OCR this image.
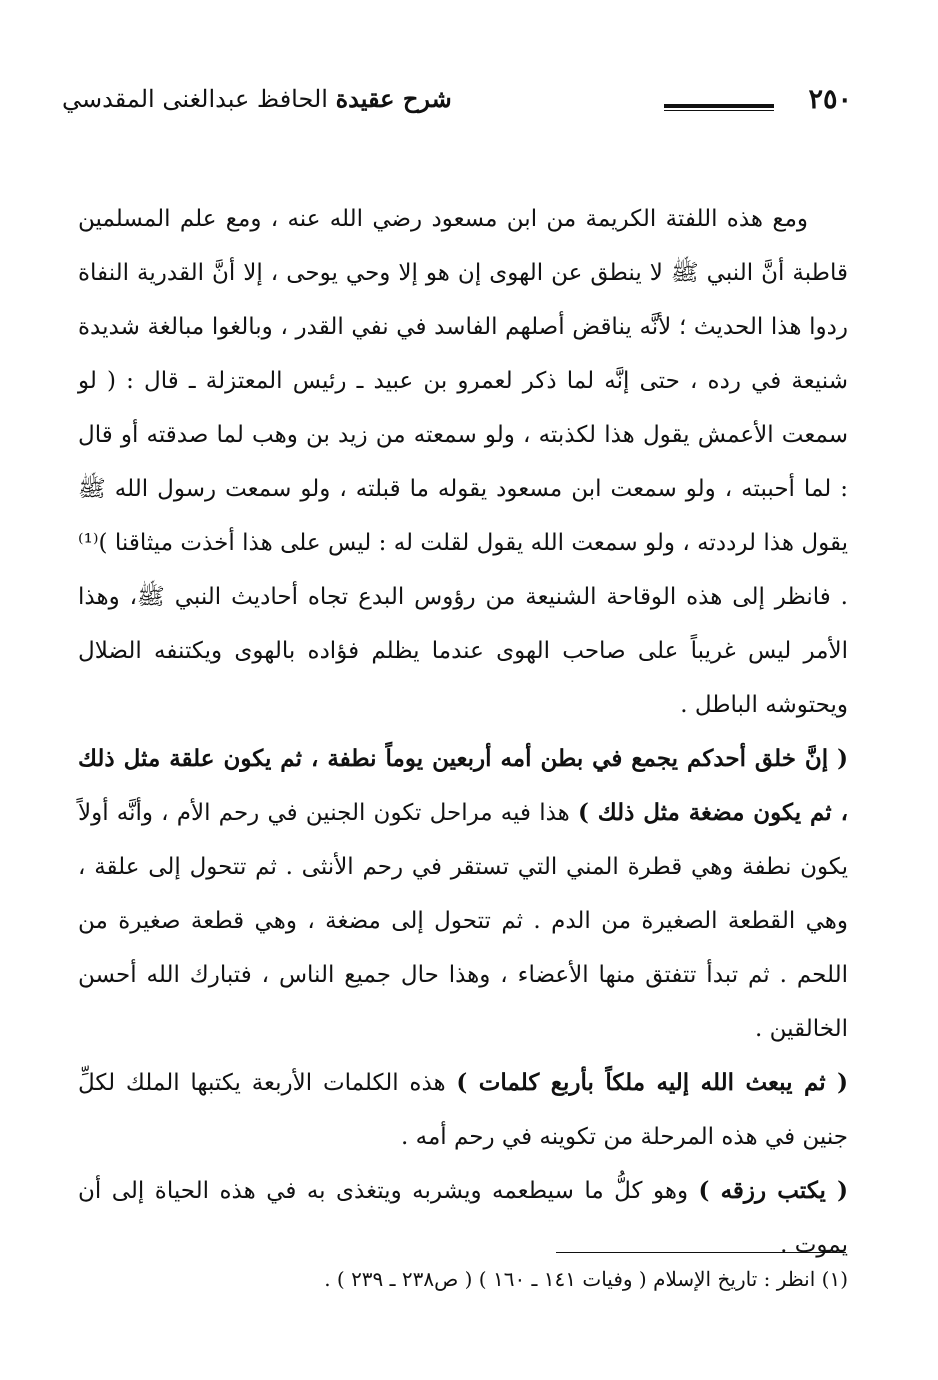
٢٥٠
شرح عقيدة الحافظ عبدالغنى المقدسي

ومع هذه اللفتة الكريمة من ابن مسعود رضي الله عنه ، ومع علم المسلمين قاطبة أنَّ النبي ﷺ لا ينطق عن الهوى إن هو إلا وحي يوحى ، إلا أنَّ القدرية النفاة ردوا هذا الحديث ؛ لأنَّه يناقض أصلهم الفاسد في نفي القدر ، وبالغوا مبالغة شديدة شنيعة في رده ، حتى إنَّه لما ذكر لعمرو بن عبيد ـ رئيس المعتزلة ـ قال : ( لو سمعت الأعمش يقول هذا لكذبته ، ولو سمعته من زيد بن وهب لما صدقته أو قال : لما أحببته ، ولو سمعت ابن مسعود يقوله ما قبلته ، ولو سمعت رسول الله ﷺ يقول هذا لرددته ، ولو سمعت الله يقول لقلت له : ليس على هذا أخذت ميثاقنا )⁽¹⁾ . فانظر إلى هذه الوقاحة الشنيعة من رؤوس البدع تجاه أحاديث النبي ﷺ، وهذا الأمر ليس غريباً على صاحب الهوى عندما يظلم فؤاده بالهوى ويكتنفه الضلال ويحتوشه الباطل .

( إنَّ خلق أحدكم يجمع في بطن أمه أربعين يوماً نطفة ، ثم يكون علقة مثل ذلك ، ثم يكون مضغة مثل ذلك ) هذا فيه مراحل تكون الجنين في رحم الأم ، وأنَّه أولاً يكون نطفة وهي قطرة المني التي تستقر في رحم الأنثى . ثم تتحول إلى علقة ، وهي القطعة الصغيرة من الدم . ثم تتحول إلى مضغة ، وهي قطعة صغيرة من اللحم . ثم تبدأ تتفتق منها الأعضاء ، وهذا حال جميع الناس ، فتبارك الله أحسن الخالقين .

( ثم يبعث الله إليه ملكاً بأربع كلمات ) هذه الكلمات الأربعة يكتبها الملك لكلِّ جنين في هذه المرحلة من تكوينه في رحم أمه .

( يكتب رزقه ) وهو كلُّ ما سيطعمه ويشربه ويتغذى به في هذه الحياة إلى أن يموت .

(١) انظر : تاريخ الإسلام ( وفيات ١٤١ ـ ١٦٠ ) ( ص٢٣٨ ـ ٢٣٩ ) .
